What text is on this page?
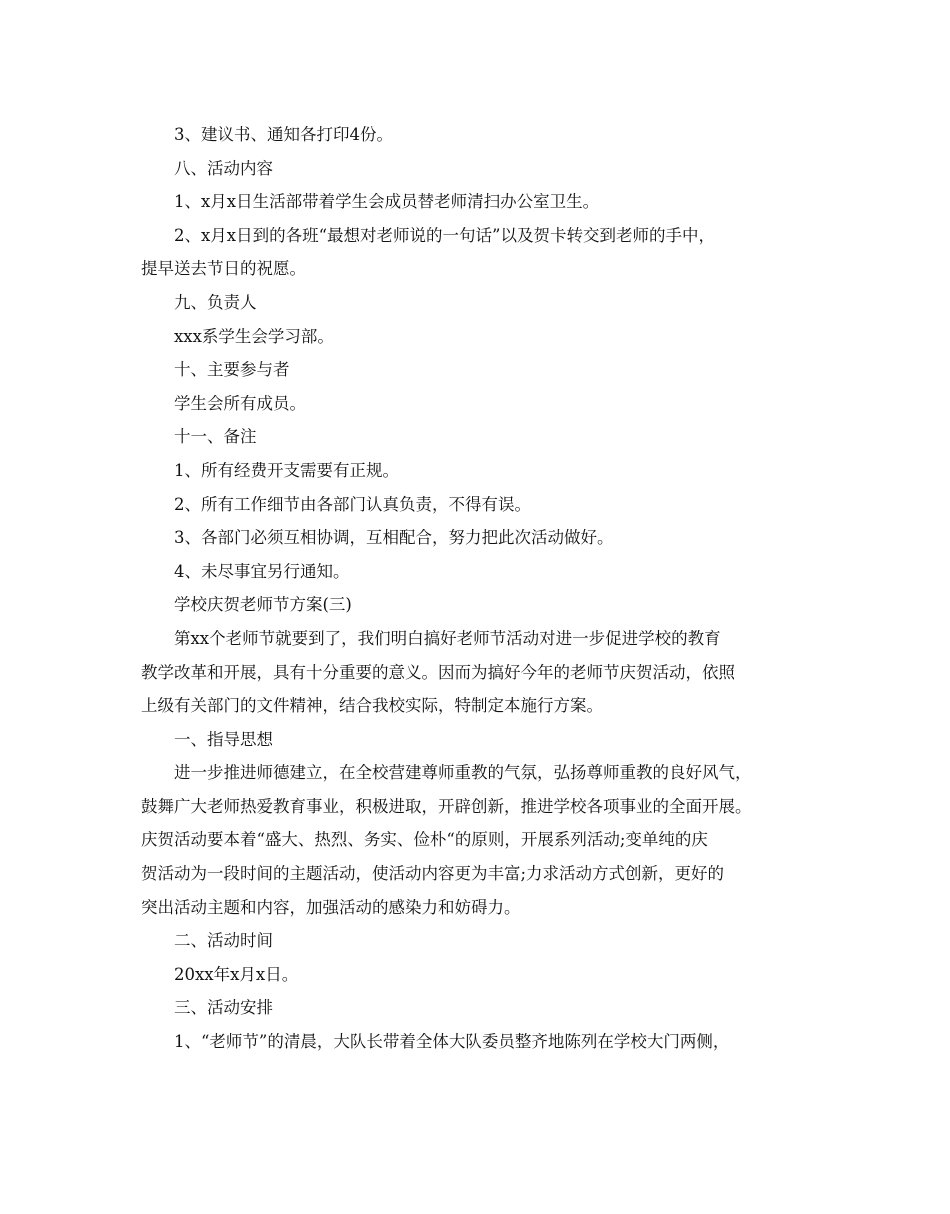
3、建议书、通知各打印4份。
八、活动内容
1、x月x日生活部带着学生会成员替老师清扫办公室卫生。
2、x月x日到的各班“最想对老师说的一句话”以及贺卡转交到老师的手中，
提早送去节日的祝愿。
九、负责人
xxx系学生会学习部。
十、主要参与者
学生会所有成员。
十一、备注
1、所有经费开支需要有正规。
2、所有工作细节由各部门认真负责，不得有误。
3、各部门必须互相协调，互相配合，努力把此次活动做好。
4、未尽事宜另行通知。
学校庆贺老师节方案(三)
第xx个老师节就要到了，我们明白搞好老师节活动对进一步促进学校的教育
教学改革和开展，具有十分重要的意义。因而为搞好今年的老师节庆贺活动，依照
上级有关部门的文件精神，结合我校实际，特制定本施行方案。
一、指导思想
进一步推进师德建立，在全校营建尊师重教的气氛，弘扬尊师重教的良好风气，
鼓舞广大老师热爱教育事业，积极进取，开辟创新，推进学校各项事业的全面开展。
庆贺活动要本着“盛大、热烈、务实、俭朴“的原则，开展系列活动;变单纯的庆
贺活动为一段时间的主题活动，使活动内容更为丰富;力求活动方式创新，更好的
突出活动主题和内容，加强活动的感染力和妨碍力。
二、活动时间
20xx年x月x日。
三、活动安排
1、“老师节”的清晨，大队长带着全体大队委员整齐地陈列在学校大门两侧，
